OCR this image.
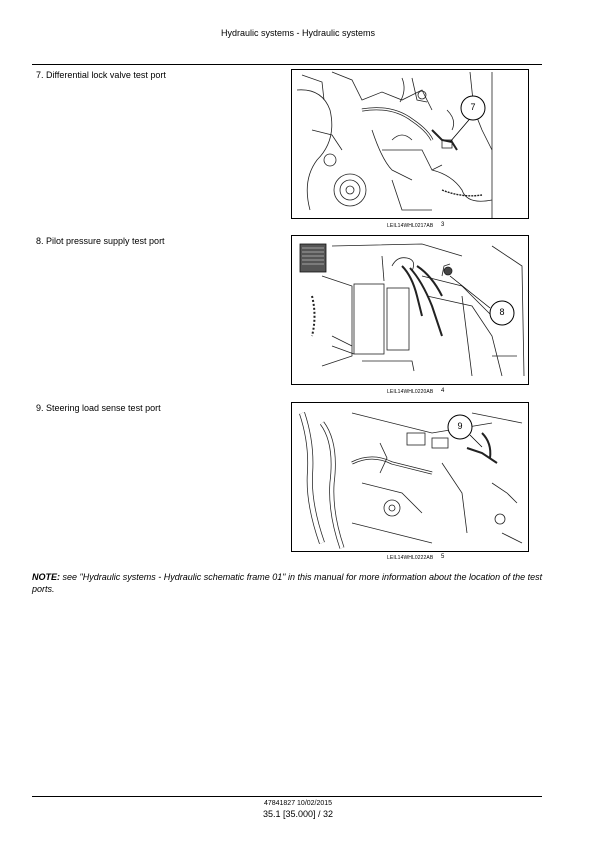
Hydraulic systems - Hydraulic systems
7. Differential lock valve test port
7
LEIL14WHL0217AB 3
8. Pilot pressure supply test port
8
LEIL14WHL0220AB 4
9. Steering load sense test port
9
LEIL14WHL0222AB 5
NOTE: see "Hydraulic systems - Hydraulic schematic frame 01" in this manual for more information about the location of the test ports.
47841827 10/02/2015
35.1 [35.000] / 32
